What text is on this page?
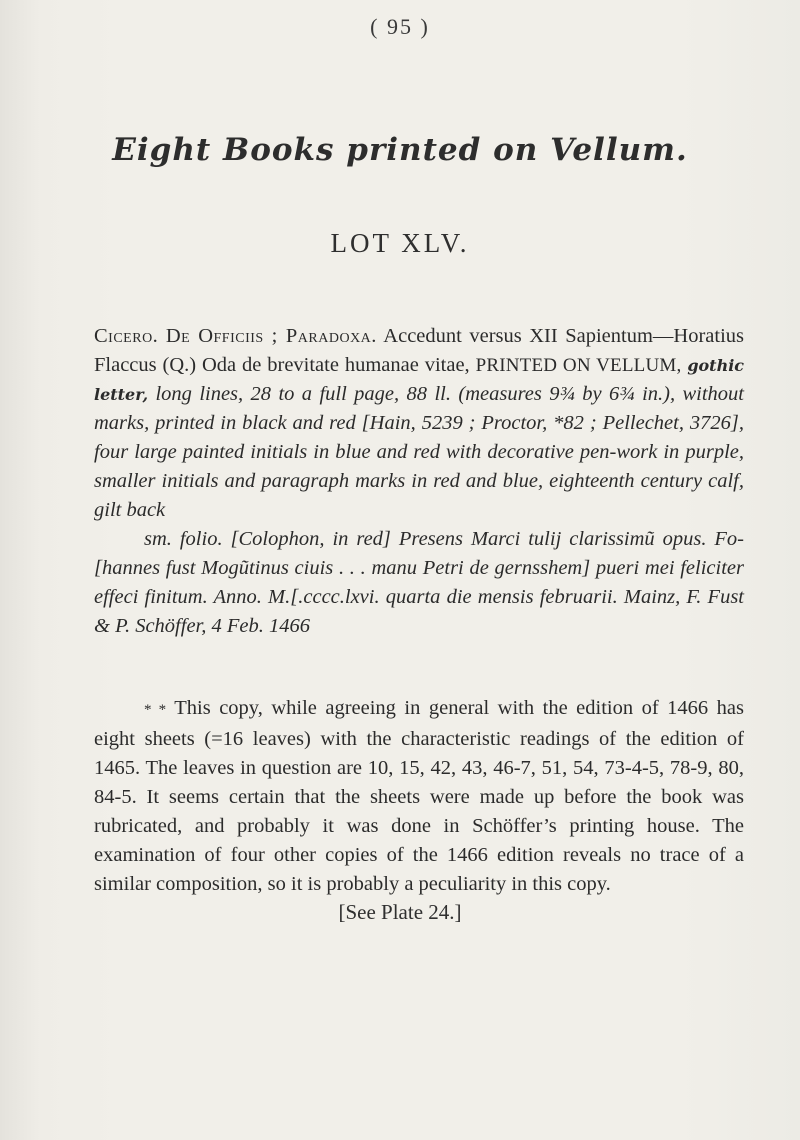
( 95 )
Eight Books printed on Vellum.
LOT XLV.

Cicero. De Officiis ; Paradoxa. Accedunt versus XII Sapientum—Horatius Flaccus (Q.) Oda de brevitate humanae vitae, PRINTED ON VELLUM, gothic letter, long lines, 28 to a full page, 88 ll. (measures 9¾ by 6¾ in.), without marks, printed in black and red [Hain, 5239 ; Proctor, *82 ; Pellechet, 3726], four large painted initials in blue and red with decorative pen-work in purple, smaller initials and paragraph marks in red and blue, eighteenth century calf, gilt back

sm. folio. [Colophon, in red] Presens Marci tulij clarissimũ opus. Fo-[hannes fust Mogũtinus ciuis . . . manu Petri de gernsshem] pueri mei feliciter effeci finitum. Anno. M.[.cccc.lxvi. quarta die mensis februarii. Mainz, F. Fust & P. Schöffer, 4 Feb. 1466

* * This copy, while agreeing in general with the edition of 1466 has eight sheets (=16 leaves) with the characteristic readings of the edition of 1465. The leaves in question are 10, 15, 42, 43, 46-7, 51, 54, 73-4-5, 78-9, 80, 84-5. It seems certain that the sheets were made up before the book was rubricated, and probably it was done in Schöffer’s printing house. The examination of four other copies of the 1466 edition reveals no trace of a similar composition, so it is probably a peculiarity in this copy.
[See Plate 24.]
